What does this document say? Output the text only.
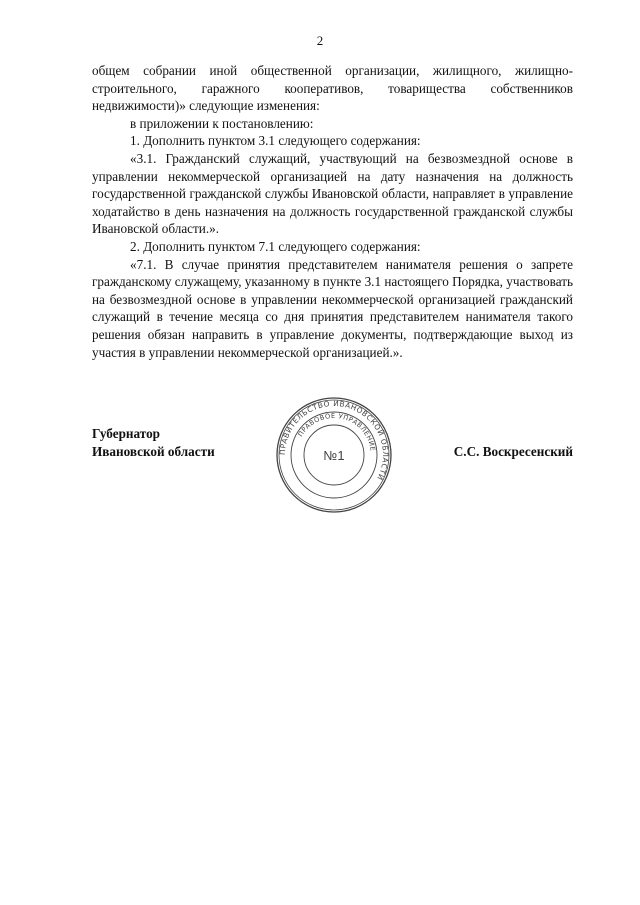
2

общем собрании иной общественной организации, жилищного, жилищно-строительного, гаражного кооперативов, товарищества собственников недвижимости)» следующие изменения:

в приложении к постановлению:

1. Дополнить пунктом 3.1 следующего содержания:

«3.1. Гражданский служащий, участвующий на безвозмездной основе в управлении некоммерческой организацией на дату назначения на должность государственной гражданской службы Ивановской области, направляет в управление ходатайство в день назначения на должность государственной гражданской службы Ивановской области.».

2. Дополнить пунктом 7.1 следующего содержания:

«7.1. В случае принятия представителем нанимателя решения о запрете гражданскому служащему, указанному в пункте 3.1 настоящего Порядка, участвовать на безвозмездной основе в управлении некоммерческой организацией гражданский служащий в течение месяца со дня принятия представителем нанимателя такого решения обязан направить в управление документы, подтверждающие выход из участия в управлении некоммерческой организацией.».

Губернатор
Ивановской области	ПРАВИТЕЛЬСТВО ИВАНОВСКОЙ ОБЛАСТИ
ПРАВОВОЕ УПРАВЛЕНИЕ
№1	С.С. Воскресенский
